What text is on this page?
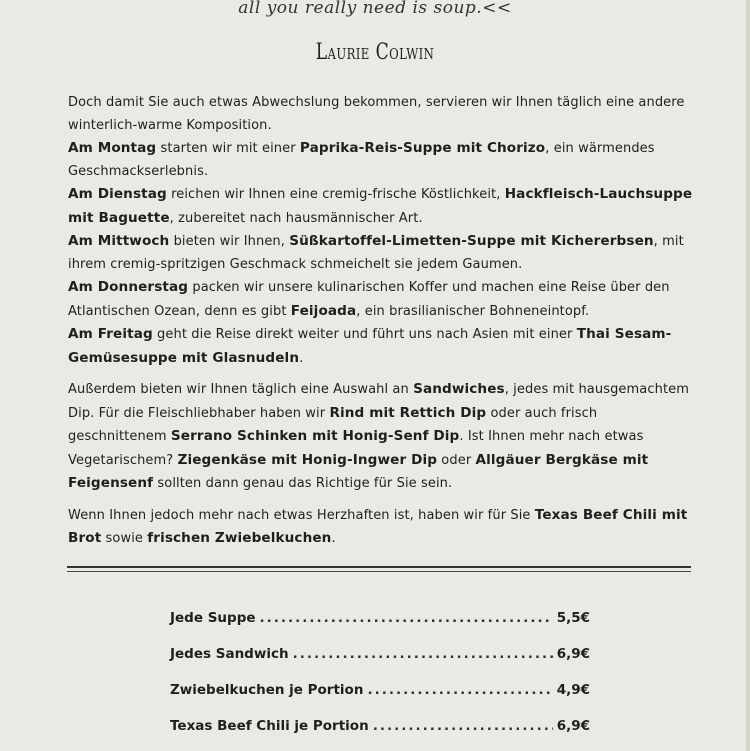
all you really need is soup.<<
Laurie Colwin

Doch damit Sie auch etwas Abwechslung bekommen, servieren wir Ihnen täglich eine andere winterlich-warme Komposition.

Am Montag starten wir mit einer Paprika-Reis-Suppe mit Chorizo, ein wärmendes Geschmackserlebnis.

Am Dienstag reichen wir Ihnen eine cremig-frische Köstlichkeit, Hackfleisch-Lauchsuppe mit Baguette, zubereitet nach hausmännischer Art.

Am Mittwoch bieten wir Ihnen, Süßkartoffel-Limetten-Suppe mit Kichererbsen, mit ihrem cremig-spritzigen Geschmack schmeichelt sie jedem Gaumen.

Am Donnerstag packen wir unsere kulinarischen Koffer und machen eine Reise über den Atlantischen Ozean, denn es gibt Feijoada, ein brasilianischer Bohneneintopf.

Am Freitag geht die Reise direkt weiter und führt uns nach Asien mit einer Thai Sesam-Gemüsesuppe mit Glasnudeln.

Außerdem bieten wir Ihnen täglich eine Auswahl an Sandwiches, jedes mit hausgemachtem Dip. Für die Fleischliebhaber haben wir Rind mit Rettich Dip oder auch frisch geschnittenem Serrano Schinken mit Honig-Senf Dip. Ist Ihnen mehr nach etwas Vegetarischem? Ziegenkäse mit Honig-Ingwer Dip oder Allgäuer Bergkäse mit Feigensenf sollten dann genau das Richtige für Sie sein.

Wenn Ihnen jedoch mehr nach etwas Herzhaften ist, haben wir für Sie Texas Beef Chili mit Brot sowie frischen Zwiebelkuchen.

Jede Suppe .....	5,5€
Jedes Sandwich .....	6,9€
Zwiebelkuchen je Portion .....	4,9€
Texas Beef Chili je Portion .....	6,9€
